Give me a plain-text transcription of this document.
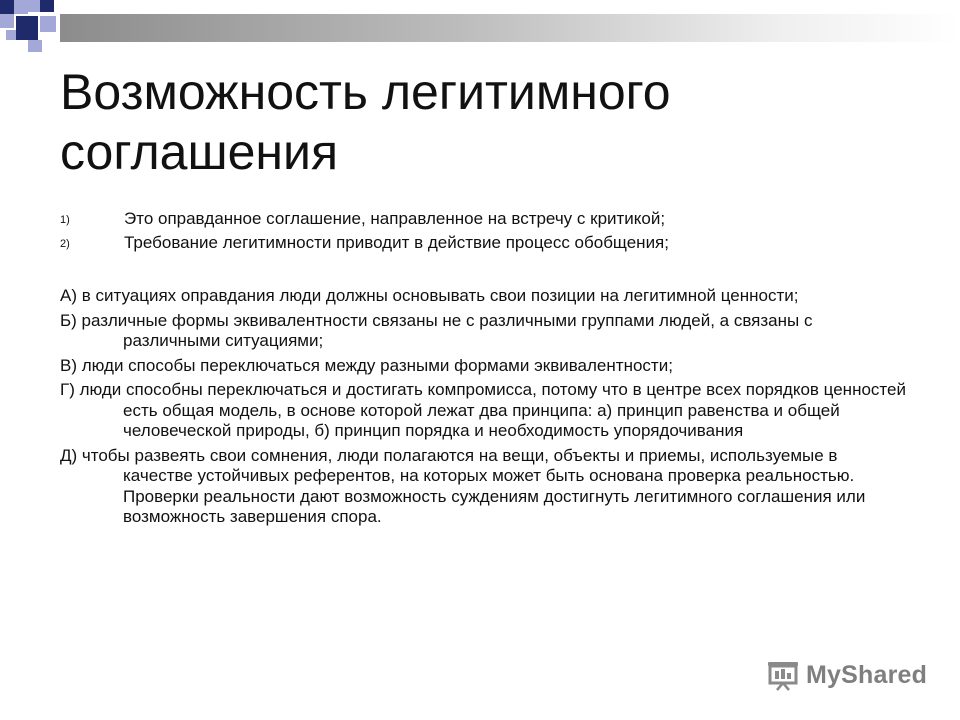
Возможность легитимного соглашения
1)	Это оправданное соглашение, направленное на встречу с критикой;
2)	Требование легитимности приводит в действие процесс обобщения;
А) в ситуациях оправдания люди должны основывать свои позиции на легитимной ценности;
Б) различные формы эквивалентности связаны не с различными группами людей, а связаны с различными ситуациями;
В) люди способы переключаться между разными формами эквивалентности;
Г) люди способны переключаться и достигать компромисса, потому что в центре всех порядков ценностей есть общая модель, в основе которой лежат два принципа: а) принцип равенства и общей человеческой природы, б) принцип порядка и необходимость упорядочивания
Д) чтобы развеять свои сомнения, люди полагаются на вещи, объекты и приемы, используемые в качестве устойчивых референтов, на которых может быть основана проверка реальностью. Проверки реальности дают возможность суждениям достигнуть легитимного соглашения или возможность завершения спора.
MyShared
